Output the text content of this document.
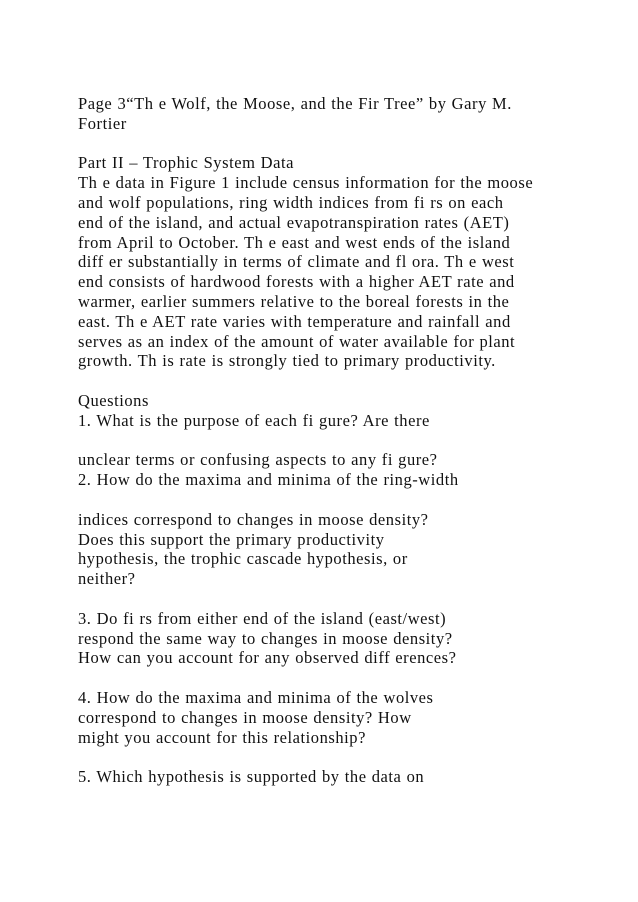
Page 3“Th e Wolf, the Moose, and the Fir Tree” by Gary M.
Fortier
Part II – Trophic System Data
Th e data in Figure 1 include census information for the moose
and wolf populations, ring width indices from fi rs on each
end of the island, and actual evapotranspiration rates (AET)
from April to October. Th e east and west ends of the island
diff er substantially in terms of climate and fl ora. Th e west
end consists of hardwood forests with a higher AET rate and
warmer, earlier summers relative to the boreal forests in the
east. Th e AET rate varies with temperature and rainfall and
serves as an index of the amount of water available for plant
growth. Th is rate is strongly tied to primary productivity.
Questions
1. What is the purpose of each fi gure? Are there
unclear terms or confusing aspects to any fi gure?
2. How do the maxima and minima of the ring-width
indices correspond to changes in moose density?
Does this support the primary productivity
hypothesis, the trophic cascade hypothesis, or
neither?
3. Do fi rs from either end of the island (east/west)
respond the same way to changes in moose density?
How can you account for any observed diff erences?
4. How do the maxima and minima of the wolves
correspond to changes in moose density? How
might you account for this relationship?
5. Which hypothesis is supported by the data on
